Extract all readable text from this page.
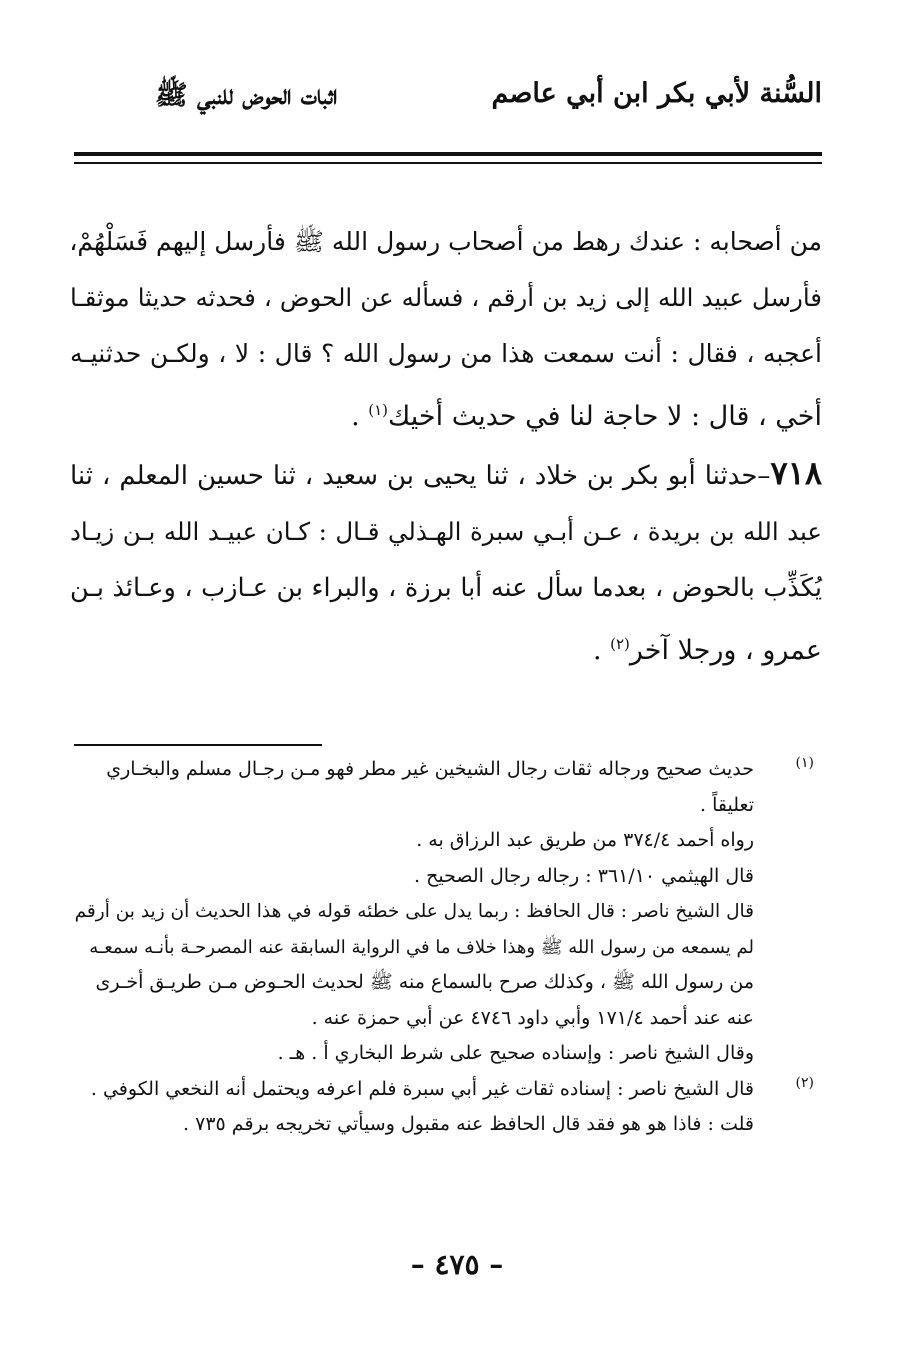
السُّنة لأبي بكر ابن أبي عاصم
اثبات الحوض للنبي ﷺ
من أصحابه : عندك رهط من أصحاب رسول الله ﷺ فأرسل إليهم فَسَلْهُمْ،
فأرسل عبيد الله إلى زيد بن أرقم ، فسأله عن الحوض ، فحدثه حديثا موثقـا
أعجبه ، فقال : أنت سمعت هذا من رسول الله ؟ قال : لا ، ولكـن حدثنيـه
أخي ، قال : لا حاجة لنا في حديث أخيك$^{(١)}$ .
٧١٨–حدثنا أبو بكر بن خلاد ، ثنا يحيى بن سعيد ، ثنا حسين المعلم ، ثنا
عبد الله بن بريدة ، عـن أبـي سبرة الهـذلي قـال : كـان عبيـد الله بـن زيـاد
يُكَذِّب بالحوض ، بعدما سأل عنه أبا برزة ، والبراء بن عـازب ، وعـائذ بـن
عمرو ، ورجلا آخر$^{(٢)}$ .
(١)
حديث صحيح ورجاله ثقات رجال الشيخين غير مطر فهو مـن رجـال مسلم والبخـاري
تعليقاً .
رواه أحمد ٣٧٤/٤ من طريق عبد الرزاق به .
قال الهيثمي ٣٦١/١٠ : رجاله رجال الصحيح .
قال الشيخ ناصر : قال الحافظ : ربما يدل على خطئه قوله في هذا الحديث أن زيد بن أرقم
لم يسمعه من رسول الله ﷺ وهذا خلاف ما في الرواية السابقة عنه المصرحـة بأنـه سمعـه
من رسول الله ﷺ ، وكذلك صرح بالسماع منه ﷺ لحديث الحـوض مـن طريـق أخـرى
عنه عند أحمد ١٧١/٤ وأبي داود ٤٧٤٦ عن أبي حمزة عنه .
وقال الشيخ ناصر : وإسناده صحيح على شرط البخاري أ . هـ .
(٢)
قال الشيخ ناصر : إسناده ثقات غير أبي سبرة فلم اعرفه ويحتمل أنه النخعي الكوفي .
قلت : فاذا هو هو فقد قال الحافظ عنه مقبول وسيأتي تخريجه برقم ٧٣٥ .
– ٤٧٥ –
